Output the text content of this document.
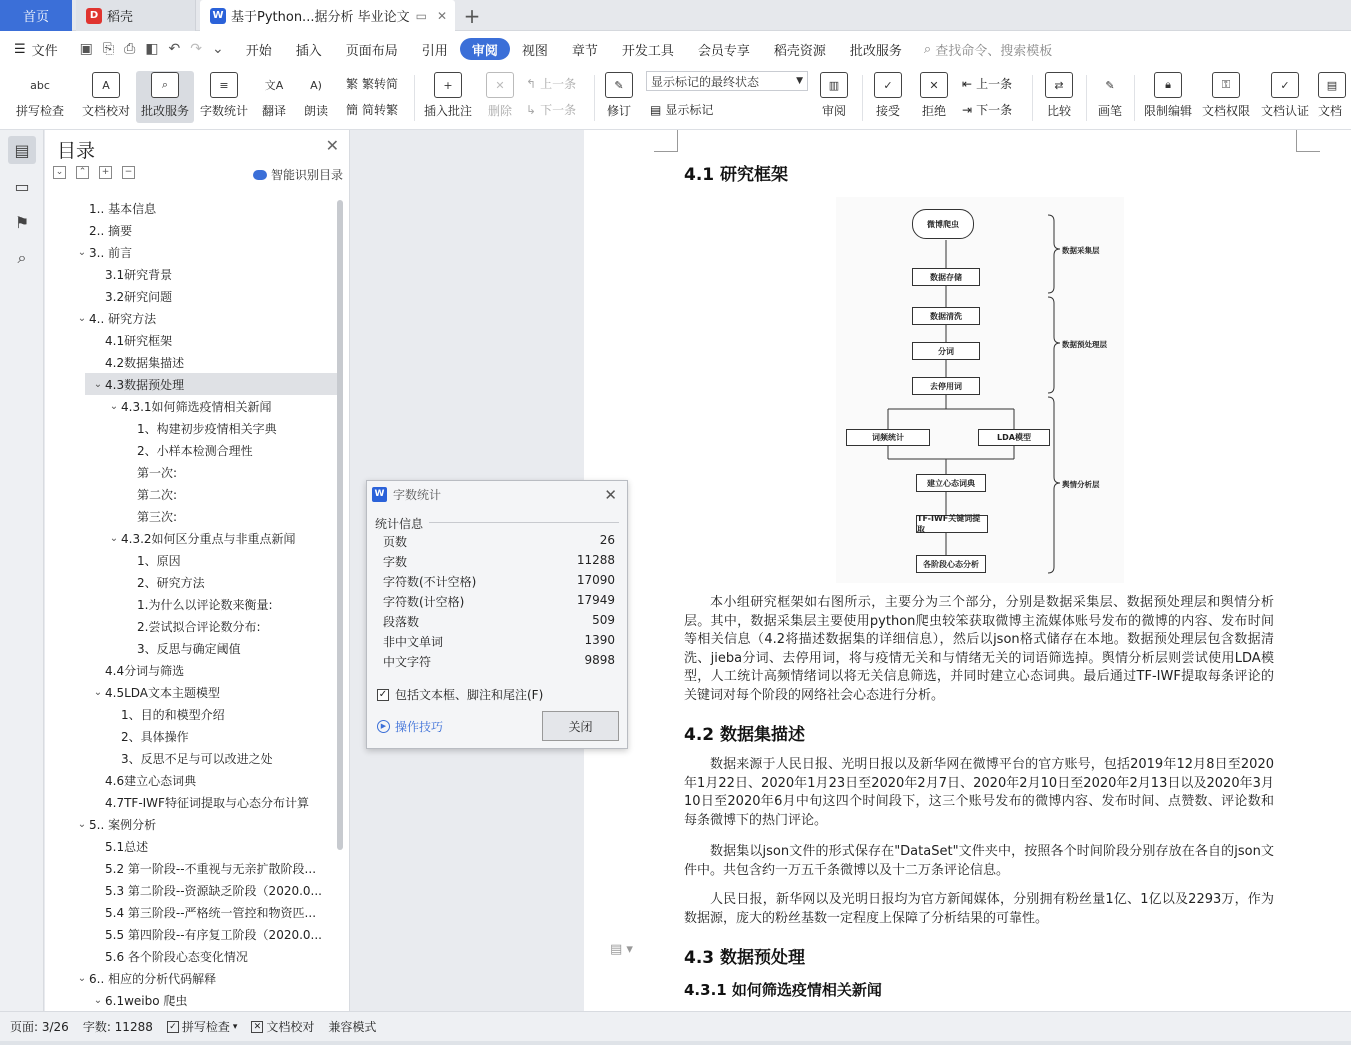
首页	D 稻壳	W 基于Python...据分析 毕业论文 ▭ ✕ +
☰ 文件 ▣ ⎘ ⎙ ◧ ↶ ↷ ⌄ 开始 插入 页面布局 引用 审阅 视图 章节 开发工具 会员专享 稻壳资源 批改服务 ⌕ 查找命令、搜索模板
abc
拼写检查
A
文档校对
⌕
批改服务
≡
字数统计
文A
翻译
A)
朗读
繁 繁转简
簡 简转繁
+
插入批注
✕
删除
↰ 上一条
↳ 下一条
✎
修订
显示标记的最终状态	▼
▤ 显示标记
▥
审阅
✓
接受
✕
拒绝
⇤ 上一条
⇥ 下一条
⇄
比较
✎
画笔
🔒︎
限制编辑
⚿
文档权限
✓
文档认证
▤
文档
▤
▭
⚑
⌕
目录	✕
⌄	⌃	+	−	智能识别目录
1.. 基本信息
2.. 摘要
⌄ 3.. 前言
3.1研究背景
3.2研究问题
⌄ 4.. 研究方法
4.1研究框架
4.2数据集描述
⌄ 4.3数据预处理
⌄ 4.3.1如何筛选疫情相关新闻
1、构建初步疫情相关字典
2、小样本检测合理性
第一次:
第二次:
第三次:
⌄ 4.3.2如何区分重点与非重点新闻
1、原因
2、研究方法
1.为什么以评论数来衡量:
2.尝试拟合评论数分布:
3、反思与确定阈值
4.4分词与筛选
⌄ 4.5LDA文本主题模型
1、目的和模型介绍
2、具体操作
3、反思不足与可以改进之处
4.6建立心态词典
4.7TF-IWF特征词提取与心态分布计算
⌄ 5.. 案例分析
5.1总述
5.2 第一阶段--不重视与无亲扩散阶段...
5.3 第二阶段--资源缺乏阶段（2020.0...
5.4 第三阶段--严格统一管控和物资匹...
5.5 第四阶段--有序复工阶段（2020.0...
5.6 各个阶段心态变化情况
⌄ 6.. 相应的分析代码解释
⌄ 6.1weibo 爬虫
4.1 研究框架
微博爬虫
数据存储
数据清洗
分词
去停用词
词频统计	LDA模型
建立心态词典
TF-IWF关键词提取
各阶段心态分析
数据采集层
数据预处理层
舆情分析层
本小组研究框架如右图所示，主要分为三个部分，分别是数据采集层、数据预处理层和舆情分析层。其中，数据采集层主要使用python爬虫较笨获取微博主流媒体账号发布的微博的内容、发布时间等相关信息（4.2将描述数据集的详细信息），然后以json格式储存在本地。数据预处理层包含数据清洗、jieba分词、去停用词，将与疫情无关和与情绪无关的词语筛选掉。舆情分析层则尝试使用LDA模型，人工统计高频情绪词以将无关信息筛选，并同时建立心态词典。最后通过TF-IWF提取每条评论的关键词对每个阶段的网络社会心态进行分析。
4.2 数据集描述
数据来源于人民日报、光明日报以及新华网在微博平台的官方账号，包括2019年12月8日至2020年1月22日、2020年1月23日至2020年2月7日、2020年2月10日至2020年2月13日以及2020年3月10日至2020年6月中旬这四个时间段下，这三个账号发布的微博内容、发布时间、点赞数、评论数和每条微博下的热门评论。
数据集以json文件的形式保存在"DataSet"文件夹中，按照各个时间阶段分别存放在各自的json文件中。共包含约一万五千条微博以及十二万条评论信息。
人民日报，新华网以及光明日报均为官方新闻媒体，分别拥有粉丝量1亿、1亿以及2293万，作为数据源，庞大的粉丝基数一定程度上保障了分析结果的可靠性。
▤ ▾	4.3 数据预处理
4.3.1 如何筛选疫情相关新闻
W 字数统计	✕
统计信息
页数	26
字数	11288
字符数(不计空格)	17090
字符数(计空格)	17949
段落数	509
非中文单词	1390
中文字符	9898
✓ 包括文本框、脚注和尾注(F)
▶ 操作技巧	关闭
页面: 3/26 字数: 11288 ✓ 拼写检查 ▾ ✕ 文档校对 兼容模式
